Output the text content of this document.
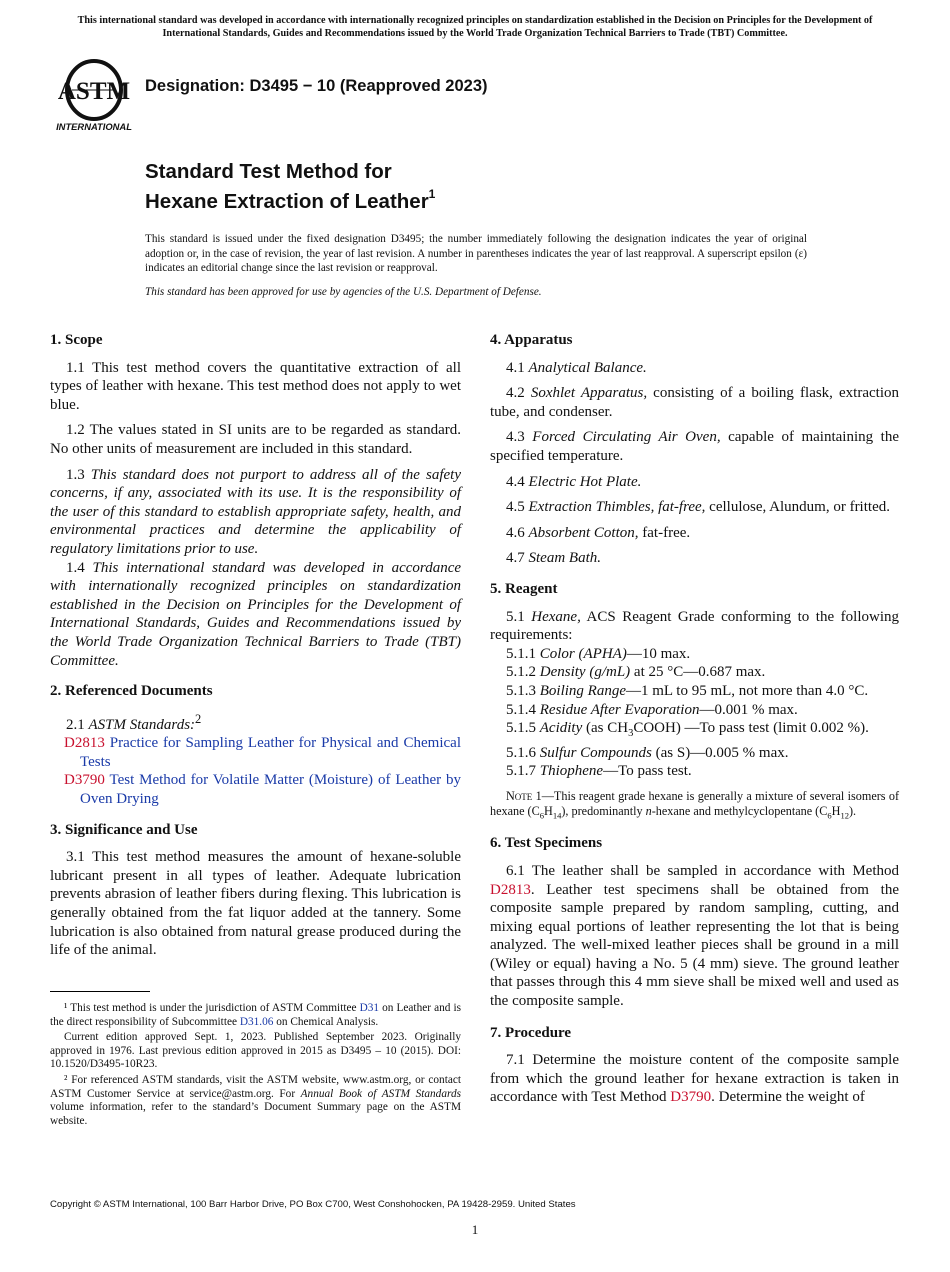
This international standard was developed in accordance with internationally recognized principles on standardization established in the Decision on Principles for the Development of International Standards, Guides and Recommendations issued by the World Trade Organization Technical Barriers to Trade (TBT) Committee.
ASTM
INTERNATIONAL
Designation: D3495 − 10 (Reapproved 2023)
Standard Test Method for
Hexane Extraction of Leather$^1$
This standard is issued under the fixed designation D3495; the number immediately following the designation indicates the year of original adoption or, in the case of revision, the year of last revision. A number in parentheses indicates the year of last reapproval. A superscript epsilon (ε) indicates an editorial change since the last revision or reapproval.
This standard has been approved for use by agencies of the U.S. Department of Defense.
1. Scope

1.1 This test method covers the quantitative extraction of all types of leather with hexane. This test method does not apply to wet blue.

1.2 The values stated in SI units are to be regarded as standard. No other units of measurement are included in this standard.

1.3 This standard does not purport to address all of the safety concerns, if any, associated with its use. It is the responsibility of the user of this standard to establish appropriate safety, health, and environmental practices and determine the applicability of regulatory limitations prior to use.

1.4 This international standard was developed in accordance with internationally recognized principles on standardization established in the Decision on Principles for the Development of International Standards, Guides and Recommendations issued by the World Trade Organization Technical Barriers to Trade (TBT) Committee.

2. Referenced Documents

2.1 ASTM Standards:$^2$

D2813 Practice for Sampling Leather for Physical and Chemical Tests

D3790 Test Method for Volatile Matter (Moisture) of Leather by Oven Drying

3. Significance and Use

3.1 This test method measures the amount of hexane-soluble lubricant present in all types of leather. Adequate lubrication prevents abrasion of leather fibers during flexing. This lubrication is generally obtained from the fat liquor added at the tannery. Some lubrication is also obtained from natural grease produced during the life of the animal.

¹ This test method is under the jurisdiction of ASTM Committee D31 on Leather and is the direct responsibility of Subcommittee D31.06 on Chemical Analysis.

Current edition approved Sept. 1, 2023. Published September 2023. Originally approved in 1976. Last previous edition approved in 2015 as D3495 – 10 (2015). DOI: 10.1520/D3495-10R23.

² For referenced ASTM standards, visit the ASTM website, www.astm.org, or contact ASTM Customer Service at service@astm.org. For Annual Book of ASTM Standards volume information, refer to the standard’s Document Summary page on the ASTM website.

4. Apparatus

4.1 Analytical Balance.

4.2 Soxhlet Apparatus, consisting of a boiling flask, extraction tube, and condenser.

4.3 Forced Circulating Air Oven, capable of maintaining the specified temperature.

4.4 Electric Hot Plate.

4.5 Extraction Thimbles, fat-free, cellulose, Alundum, or fritted.

4.6 Absorbent Cotton, fat-free.

4.7 Steam Bath.

5. Reagent

5.1 Hexane, ACS Reagent Grade conforming to the following requirements:

5.1.1 Color (APHA)—10 max.

5.1.2 Density (g/mL) at 25 °C—0.687 max.

5.1.3 Boiling Range—1 mL to 95 mL, not more than 4.0 °C.

5.1.4 Residue After Evaporation—0.001 % max.

5.1.5 Acidity (as $CH_3COOH$) —To pass test (limit 0.002 %).

5.1.6 Sulfur Compounds (as S)—0.005 % max.

5.1.7 Thiophene—To pass test.

Note 1—This reagent grade hexane is generally a mixture of several isomers of hexane $(C_6H_{14})$, predominantly n-hexane and methylcyclopentane $(C_6H_{12})$.

6. Test Specimens

6.1 The leather shall be sampled in accordance with Method D2813. Leather test specimens shall be obtained from the composite sample prepared by random sampling, cutting, and mixing equal portions of leather representing the lot that is being analyzed. The well-mixed leather pieces shall be ground in a mill (Wiley or equal) having a No. 5 (4 mm) sieve. The ground leather that passes through this 4 mm sieve shall be mixed well and used as the composite sample.

7. Procedure

7.1 Determine the moisture content of the composite sample from which the ground leather for hexane extraction is taken in accordance with Test Method D3790. Determine the weight of

Copyright © ASTM International, 100 Barr Harbor Drive, PO Box C700, West Conshohocken, PA 19428-2959. United States
1
